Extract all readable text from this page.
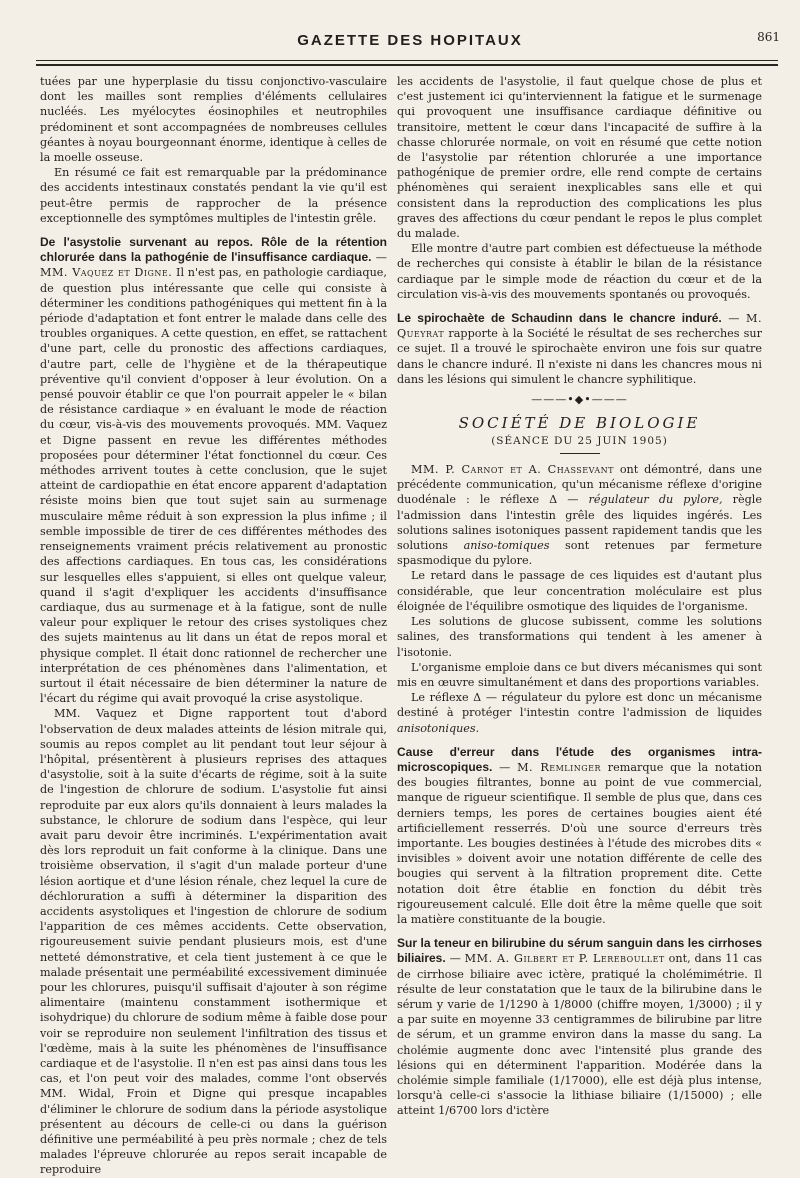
GAZETTE DES HOPITAUX	861

tuées par une hyperplasie du tissu conjonctivo-vasculaire dont les mailles sont remplies d'éléments cellulaires nucléés. Les myélocytes éosinophiles et neutrophiles prédominent et sont accompagnées de nombreuses cellules géantes à noyau bourgeonnant énorme, identique à celles de la moelle osseuse.

En résumé ce fait est remarquable par la prédominance des accidents intestinaux constatés pendant la vie qu'il est peut-être permis de rapprocher de la présence exceptionnelle des symptômes multiples de l'intestin grêle.

De l'asystolie survenant au repos. Rôle de la rétention chlorurée dans la pathogénie de l'insuffisance cardiaque. — MM. Vaquez et Digne. Il n'est pas, en pathologie cardiaque, de question plus intéressante que celle qui consiste à déterminer les conditions pathogéniques qui mettent fin à la période d'adaptation et font entrer le malade dans celle des troubles organiques. A cette question, en effet, se rattachent d'une part, celle du pronostic des affections cardiaques, d'autre part, celle de l'hygiène et de la thérapeutique préventive qu'il convient d'opposer à leur évolution. On a pensé pouvoir établir ce que l'on pourrait appeler le « bilan de résistance cardiaque » en évaluant le mode de réaction du cœur, vis-à-vis des mouvements provoqués. MM. Vaquez et Digne passent en revue les différentes méthodes proposées pour déterminer l'état fonctionnel du cœur. Ces méthodes arrivent toutes à cette conclusion, que le sujet atteint de cardiopathie en état encore apparent d'adaptation résiste moins bien que tout sujet sain au surmenage musculaire même réduit à son expression la plus infime ; il semble impossible de tirer de ces différentes méthodes des renseignements vraiment précis relativement au pronostic des affections cardiaques. En tous cas, les considérations sur lesquelles elles s'appuient, si elles ont quelque valeur, quand il s'agit d'expliquer les accidents d'insuffisance cardiaque, dus au surmenage et à la fatigue, sont de nulle valeur pour expliquer le retour des crises systoliques chez des sujets maintenus au lit dans un état de repos moral et physique complet. Il était donc rationnel de rechercher une interprétation de ces phénomènes dans l'alimentation, et surtout il était nécessaire de bien déterminer la nature de l'écart du régime qui avait provoqué la crise asystolique.

MM. Vaquez et Digne rapportent tout d'abord l'observation de deux malades atteints de lésion mitrale qui, soumis au repos complet au lit pendant tout leur séjour à l'hôpital, présentèrent à plusieurs reprises des attaques d'asystolie, soit à la suite d'écarts de régime, soit à la suite de l'ingestion de chlorure de sodium. L'asystolie fut ainsi reproduite par eux alors qu'ils donnaient à leurs malades la substance, le chlorure de sodium dans l'espèce, qui leur avait paru devoir être incriminés. L'expérimentation avait dès lors reproduit un fait conforme à la clinique. Dans une troisième observation, il s'agit d'un malade porteur d'une lésion aortique et d'une lésion rénale, chez lequel la cure de déchloruration a suffi à déterminer la disparition des accidents asystoliques et l'ingestion de chlorure de sodium l'apparition de ces mêmes accidents. Cette observation, rigoureusement suivie pendant plusieurs mois, est d'une netteté démonstrative, et cela tient justement à ce que le malade présentait une perméabilité excessivement diminuée pour les chlorures, puisqu'il suffisait d'ajouter à son régime alimentaire (maintenu constamment isothermique et isohydrique) du chlorure de sodium même à faible dose pour voir se reproduire non seulement l'infiltration des tissus et l'œdème, mais à la suite les phénomènes de l'insuffisance cardiaque et de l'asystolie. Il n'en est pas ainsi dans tous les cas, et l'on peut voir des malades, comme l'ont observés MM. Widal, Froin et Digne qui presque incapables d'éliminer le chlorure de sodium dans la période asystolique présentent au décours de celle-ci ou dans la guérison définitive une perméabilité à peu près normale ; chez de tels malades l'épreuve chlorurée au repos serait incapable de reproduire

les accidents de l'asystolie, il faut quelque chose de plus et c'est justement ici qu'interviennent la fatigue et le surmenage qui provoquent une insuffisance cardiaque définitive ou transitoire, mettent le cœur dans l'incapacité de suffire à la chasse chlorurée normale, on voit en résumé que cette notion de l'asystolie par rétention chlorurée a une importance pathogénique de premier ordre, elle rend compte de certains phénomènes qui seraient inexplicables sans elle et qui consistent dans la reproduction des complications les plus graves des affections du cœur pendant le repos le plus complet du malade.

Elle montre d'autre part combien est défectueuse la méthode de recherches qui consiste à établir le bilan de la résistance cardiaque par le simple mode de réaction du cœur et de la circulation vis-à-vis des mouvements spontanés ou provoqués.

Le spirochaète de Schaudinn dans le chancre induré. — M. Queyrat rapporte à la Société le résultat de ses recherches sur ce sujet. Il a trouvé le spirochaète environ une fois sur quatre dans le chancre induré. Il n'existe ni dans les chancres mous ni dans les lésions qui simulent le chancre syphilitique.

———•◆•———
SOCIÉTÉ DE BIOLOGIE
(SÉANCE DU 25 JUIN 1905)

MM. P. Carnot et A. Chassevant ont démontré, dans une précédente communication, qu'un mécanisme réflexe d'origine duodénale : le réflexe Δ — régulateur du pylore, règle l'admission dans l'intestin grêle des liquides ingérés. Les solutions salines isotoniques passent rapidement tandis que les solutions aniso-tomiques sont retenues par fermeture spasmodique du pylore.

Le retard dans le passage de ces liquides est d'autant plus considérable, que leur concentration moléculaire est plus éloignée de l'équilibre osmotique des liquides de l'organisme.

Les solutions de glucose subissent, comme les solutions salines, des transformations qui tendent à les amener à l'isotonie.

L'organisme emploie dans ce but divers mécanismes qui sont mis en œuvre simultanément et dans des proportions variables.

Le réflexe Δ — régulateur du pylore est donc un mécanisme destiné à protéger l'intestin contre l'admission de liquides anisotoniques.

Cause d'erreur dans l'étude des organismes intra-microscopiques. — M. Remlinger remarque que la notation des bougies filtrantes, bonne au point de vue commercial, manque de rigueur scientifique. Il semble de plus que, dans ces derniers temps, les pores de certaines bougies aient été artificiellement resserrés. D'où une source d'erreurs très importante. Les bougies destinées à l'étude des microbes dits « invisibles » doivent avoir une notation différente de celle des bougies qui servent à la filtration proprement dite. Cette notation doit être établie en fonction du débit très rigoureusement calculé. Elle doit être la même quelle que soit la matière constituante de la bougie.

Sur la teneur en bilirubine du sérum sanguin dans les cirrhoses biliaires. — MM. A. Gilbert et P. Lereboullet ont, dans 11 cas de cirrhose biliaire avec ictère, pratiqué la cholémimétrie. Il résulte de leur constatation que le taux de la bilirubine dans le sérum y varie de 1/1290 à 1/8000 (chiffre moyen, 1/3000) ; il y a par suite en moyenne 33 centigrammes de bilirubine par litre de sérum, et un gramme environ dans la masse du sang. La cholémie augmente donc avec l'intensité plus grande des lésions qui en déterminent l'apparition. Modérée dans la cholémie simple familiale (1/17000), elle est déjà plus intense, lorsqu'à celle-ci s'associe la lithiase biliaire (1/15000) ; elle atteint 1/6700 lors d'ictère
